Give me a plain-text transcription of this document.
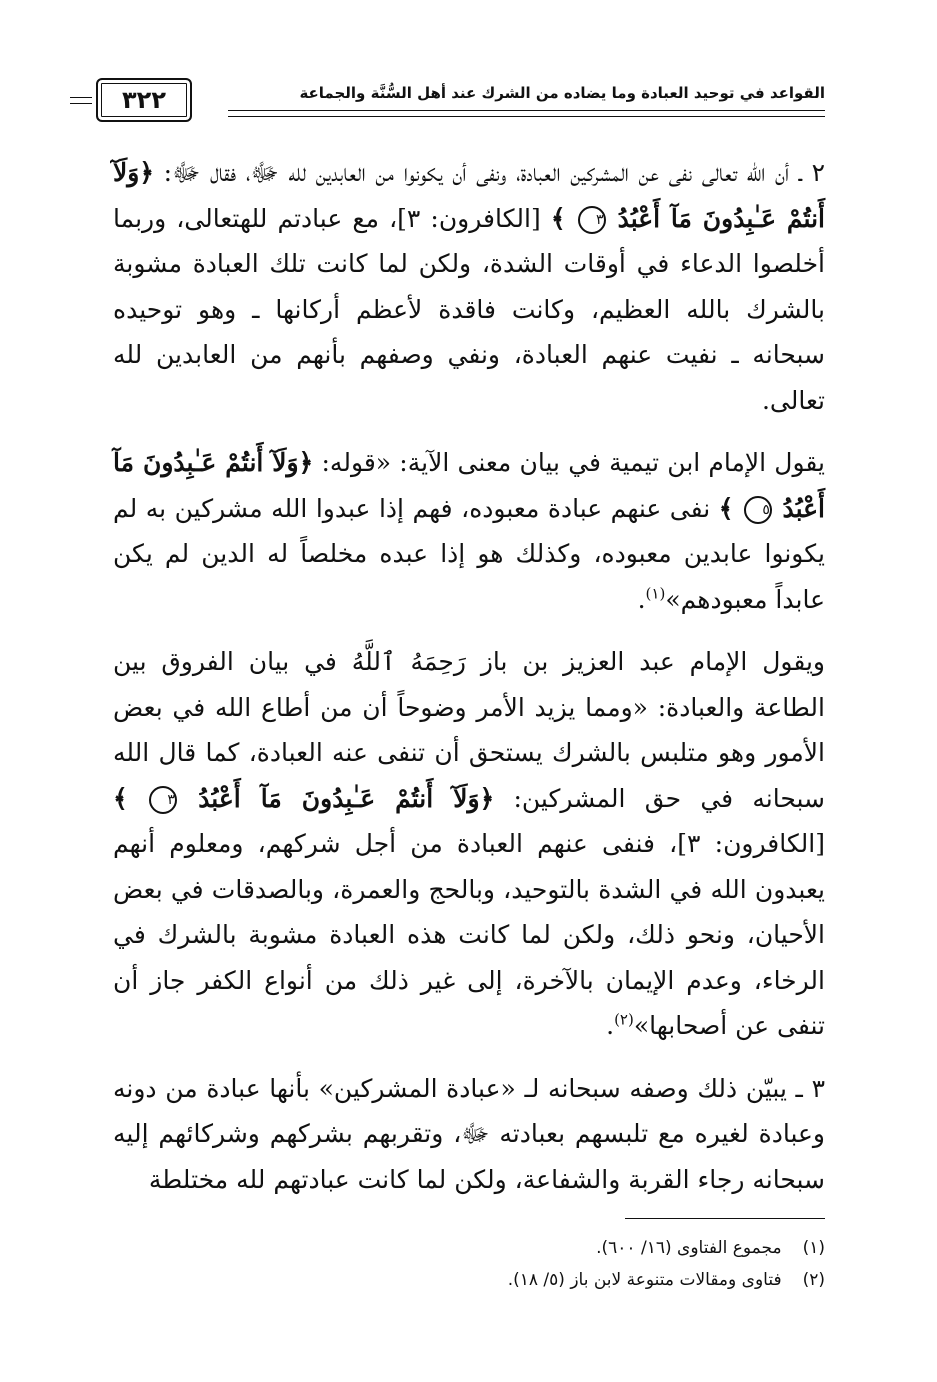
القواعد في توحيد العبادة وما يضاده من الشرك عند أهل السُّنَّة والجماعة
٣٢٢

٢ ـ أن الله تعالى نفى عن المشركين العبادة، ونفى أن يكونوا من العابدين لله ﷻ، فقال ﷻ: ﴿وَلَآ أَنتُمْ عَـٰبِدُونَ مَآ أَعْبُدُ ٣ ﴾ [الكافرون: ٣]، مع عبادتم للهتعالى، وربما أخلصوا الدعاء في أوقات الشدة، ولكن لما كانت تلك العبادة مشوبة بالشرك بالله العظيم، وكانت فاقدة لأعظم أركانها ـ وهو توحيده سبحانه ـ نفيت عنهم العبادة، ونفي وصفهم بأنهم من العابدين لله تعالى.

يقول الإمام ابن تيمية في بيان معنى الآية: «قوله: ﴿وَلَآ أَنتُمْ عَـٰبِدُونَ مَآ أَعْبُدُ ٥ ﴾ نفى عنهم عبادة معبوده، فهم إذا عبدوا الله مشركين به لم يكونوا عابدين معبوده، وكذلك هو إذا عبده مخلصاً له الدين لم يكن عابداً معبودهم»$^{(١)}$.

ويقول الإمام عبد العزيز بن باز رَحِمَهُ ٱللَّهُ في بيان الفروق بين الطاعة والعبادة: «ومما يزيد الأمر وضوحاً أن من أطاع الله في بعض الأمور وهو متلبس بالشرك يستحق أن تنفى عنه العبادة، كما قال الله سبحانه في حق المشركين: ﴿وَلَآ أَنتُمْ عَـٰبِدُونَ مَآ أَعْبُدُ ٣ ﴾ [الكافرون: ٣]، فنفى عنهم العبادة من أجل شركهم، ومعلوم أنهم يعبدون الله في الشدة بالتوحيد، وبالحج والعمرة، وبالصدقات في بعض الأحيان، ونحو ذلك، ولكن لما كانت هذه العبادة مشوبة بالشرك في الرخاء، وعدم الإيمان بالآخرة، إلى غير ذلك من أنواع الكفر جاز أن تنفى عن أصحابها»$^{(٢)}$.

٣ ـ يبيّن ذلك وصفه سبحانه لـ «عبادة المشركين» بأنها عبادة من دونه وعبادة لغيره مع تلبسهم بعبادته ﷻ، وتقربهم بشركهم وشركائهم إليه سبحانه رجاء القربة والشفاعة، ولكن لما كانت عبادتهم لله مختلطة

(١) مجموع الفتاوى (١٦/ ٦٠٠).

(٢) فتاوى ومقالات متنوعة لابن باز (٥/ ١٨).
